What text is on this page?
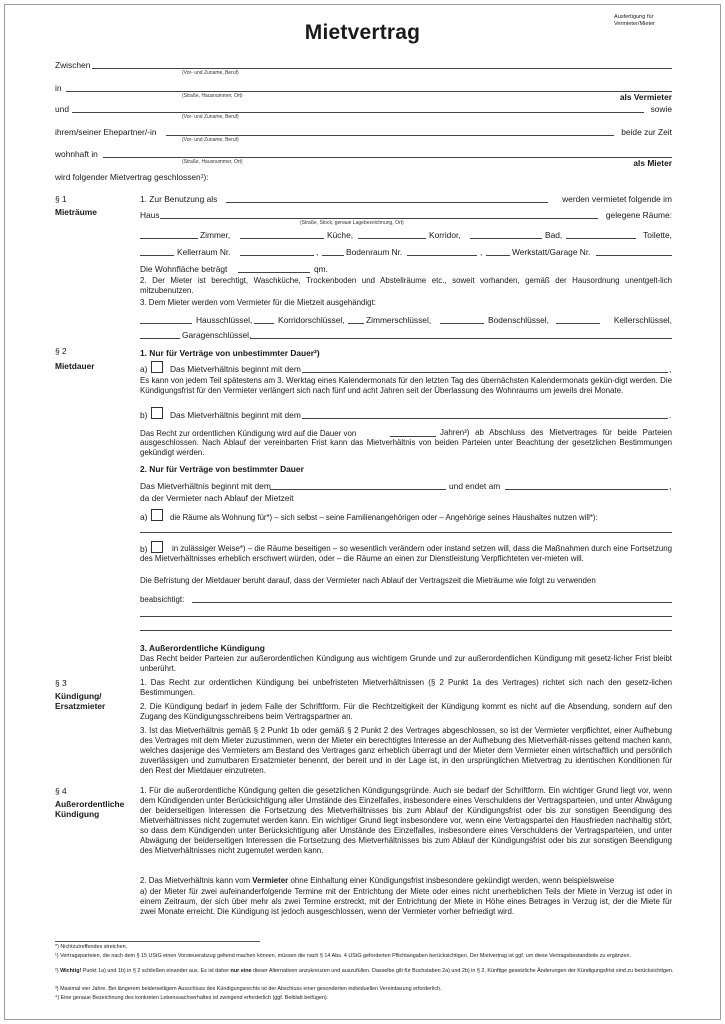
Mietvertrag
Ausfertigung für Vermieter/Mieter
Zwischen
(Vor- und Zuname, Beruf)
in
(Straße, Hausnummer, Ort)	als Vermieter
und	sowie
(Vor- und Zuname, Beruf)
ihrem/seiner Ehepartner/-in	beide zur Zeit
(Vor- und Zuname, Beruf)
wohnhaft in
(Straße, Hausnummer, Ort)	als Mieter
wird folgender Mietvertrag geschlossen¹):
§ 1
Mieträume
1. Zur Benutzung als	werden vermietet folgende im
Haus
(Straße, Stock, genaue Lagebezeichnung, Ort)
gelegene Räume:
Zimmer,	Küche,	Korridor,	Bad,	Toilette,
Kellerraum Nr.	,	Bodenraum Nr.	,	Werkstatt/Garage Nr.
Die Wohnfläche beträgt	qm.
2. Der Mieter ist berechtigt, Waschküche, Trockenboden und Abstellräume etc., soweit vorhanden, gemäß der Hausordnung unentgelt-lich mitzubenutzen.
3. Dem Mieter werden vom Vermieter für die Mietzeit ausgehändigt:
Hausschlüssel,	Korridorschlüssel,	Zimmerschlüssel,	Bodenschlüssel,	Kellerschlüssel,
Garagenschlüssel,
§ 2
Mietdauer
1. Nur für Verträge von unbestimmter Dauer²)
a)	Das Mietverhältnis beginnt mit dem	,
Es kann von jedem Teil spätestens am 3. Werktag eines Kalendermonats für den letzten Tag des übernächsten Kalendermonats gekün-digt werden. Die Kündigungsfrist für den Vermieter verlängert sich nach fünf und acht Jahren seit der Überlassung des Wohnraums um jeweils drei Monate.
b)	Das Mietverhältnis beginnt mit dem	.
Das Recht zur ordentlichen Kündigung wird auf die Dauer von	Jahren³) ab Abschluss des Mietvertrages für beide Parteien ausgeschlossen. Nach Ablauf der vereinbarten Frist kann das Mietverhältnis von beiden Parteien unter Beachtung der gesetzlichen Bestimmungen gekündigt werden.
2. Nur für Verträge von bestimmter Dauer
Das Mietverhältnis beginnt mit dem	und endet am	,
da der Vermieter nach Ablauf der Mietzeit
a)	die Räume als Wohnung für*) – sich selbst – seine Familienangehörigen oder – Angehörige seines Haushaltes nutzen will*):
b)	in zulässiger Weise*) – die Räume beseitigen – so wesentlich verändern oder instand setzen will, dass die Maßnahmen durch eine Fortsetzung des Mietverhältnisses erheblich erschwert würden, oder – die Räume an einen zur Dienstleistung Verpflichteten ver-mieten will.
Die Befristung der Mietdauer beruht darauf, dass der Vermieter nach Ablauf der Vertragszeit die Mieträume wie folgt zu verwenden
beabsichtigt:
3. Außerordentliche Kündigung
Das Recht beider Parteien zur außerordentlichen Kündigung aus wichtigem Grunde und zur außerordentlichen Kündigung mit gesetz-licher Frist bleibt unberührt.
§ 3
Kündigung/ Ersatzmieter
1. Das Recht zur ordentlichen Kündigung bei unbefristeten Mietverhältnissen (§ 2 Punkt 1a des Vertrages) richtet sich nach den gesetz-lichen Bestimmungen.
2. Die Kündigung bedarf in jedem Falle der Schriftform. Für die Rechtzeitigkeit der Kündigung kommt es nicht auf die Absendung, sondern auf den Zugang des Kündigungsschreibens beim Vertragspartner an.
3. Ist das Mietverhältnis gemäß § 2 Punkt 1b oder gemäß § 2 Punkt 2 des Vertrages abgeschlossen, so ist der Vermieter verpflichtet, einer Aufhebung des Vertrages mit dem Mieter zuzustimmen, wenn der Mieter ein berechtigtes Interesse an der Aufhebung des Mietverhält-nisses geltend machen kann, welches dasjenige des Vermieters am Bestand des Vertrages ganz erheblich überragt und der Mieter dem Vermieter einen wirtschaftlich und persönlich zuverlässigen und zumutbaren Ersatzmieter benennt, der bereit und in der Lage ist, in den ursprünglichen Mietvertrag zu identischen Konditionen für den Rest der Mietdauer einzutreten.
§ 4
Außerordentliche Kündigung
1. Für die außerordentliche Kündigung gelten die gesetzlichen Kündigungsgründe. Auch sie bedarf der Schriftform. Ein wichtiger Grund liegt vor, wenn dem Kündigenden unter Berücksichtigung aller Umstände des Einzelfalles, insbesondere eines Verschuldens der Vertragsparteien, und unter Abwägung der beiderseitigen Interessen die Fortsetzung des Mietverhältnisses bis zum Ablauf der Kündigungsfrist oder bis zur sonstigen Beendigung des Mietverhältnisses nicht zugemutet werden kann. Ein wichtiger Grund liegt insbesondere vor, wenn eine Vertragspartei den Hausfrieden nachhaltig stört, so dass dem Kündigenden unter Berücksichtigung aller Umstände des Einzelfalles, insbesondere eines Verschuldens der Vertragsparteien, und unter Abwägung der beiderseitigen Interessen die Fortsetzung des Mietverhältnisses bis zum Ablauf der Kündigungsfrist oder bis zur sonstigen Beendigung des Mietverhältnisses nicht zugemutet werden kann.
2. Das Mietverhältnis kann vom Vermieter ohne Einhaltung einer Kündigungsfrist insbesondere gekündigt werden, wenn beispielsweise
a) der Mieter für zwei aufeinanderfolgende Termine mit der Entrichtung der Miete oder eines nicht unerheblichen Teils der Miete in Verzug ist oder in einem Zeitraum, der sich über mehr als zwei Termine erstreckt, mit der Entrichtung der Miete in Höhe eines Betrages in Verzug ist, der die Miete für zwei Monate erreicht. Die Kündigung ist jedoch ausgeschlossen, wenn der Vermieter vorher befriedigt wird.
*) Nichtzutreffendes streichen.
¹) Vertragsparteien, die nach dem § 15 UStG einen Vorsteuerabzug geltend machen können, müssen die nach § 14 Abs. 4 UStG geforderten Pflichtangaben berücksichtigen. Der Mietvertrag ist ggf. um diese Vertragsbestandteile zu ergänzen.
²) Wichtig! Punkt 1a) und 1b) in § 2 schließen einander aus. Es ist daher nur eine dieser Alternativen anzukreuzen und auszufüllen. Dasselbe gilt für Buchstaben 2a) und 2b) in § 2. Künftige gesetzliche Änderungen der Kündigungsfrist sind zu berücksichtigen.
³) Maximal vier Jahre. Bei längerem beiderseitigem Ausschluss des Kündigungsrechts ist der Abschluss einer gesonderten individuellen Vereinbarung erforderlich.
⁴) Eine genaue Bezeichnung des konkreten Lebenssachverhaltes ist zwingend erforderlich (ggf. Beiblatt beifügen).
